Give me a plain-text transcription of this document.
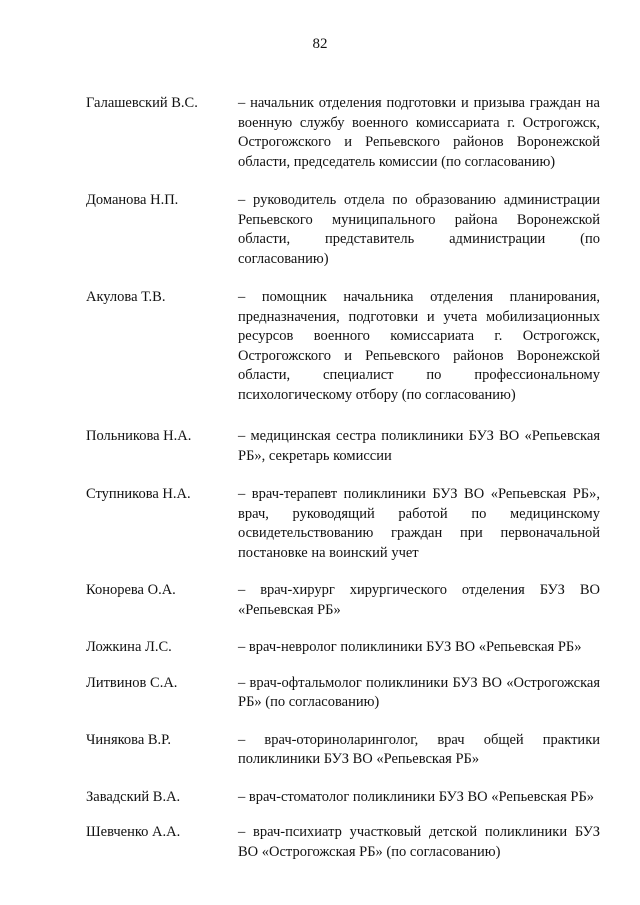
82
Галашевский В.С.	– начальник отделения подготовки и призыва граждан на военную службу военного комиссариата г. Острогожск, Острогожского и Репьевского районов Воронежской области, председатель комиссии (по согласованию)
Доманова Н.П.	– руководитель отдела по образованию администрации Репьевского муниципального района Воронежской области, представитель администрации (по согласованию)
Акулова Т.В.	– помощник начальника отделения планирования, предназначения, подготовки и учета мобилизационных ресурсов военного комиссариата г. Острогожск, Острогожского и Репьевского районов Воронежской области, специалист по профессиональному психологическому отбору (по согласованию)
Польникова Н.А.	– медицинская сестра поликлиники БУЗ ВО «Репьевская РБ», секретарь комиссии
Ступникова Н.А.	– врач-терапевт поликлиники БУЗ ВО «Репьевская РБ», врач, руководящий работой по медицинскому освидетельствованию граждан при первоначальной постановке на воинский учет
Конорева О.А.	– врач-хирург хирургического отделения БУЗ ВО «Репьевская РБ»
Ложкина Л.С.	– врач-невролог поликлиники БУЗ ВО «Репьевская РБ»
Литвинов С.А.	– врач-офтальмолог поликлиники БУЗ ВО «Острогожская РБ» (по согласованию)
Чинякова В.Р.	– врач-оториноларинголог, врач общей практики поликлиники БУЗ ВО «Репьевская РБ»
Завадский В.А.	– врач-стоматолог поликлиники БУЗ ВО «Репьевская РБ»
Шевченко А.А.	– врач-психиатр участковый детской поликлиники БУЗ ВО «Острогожская РБ» (по согласованию)
